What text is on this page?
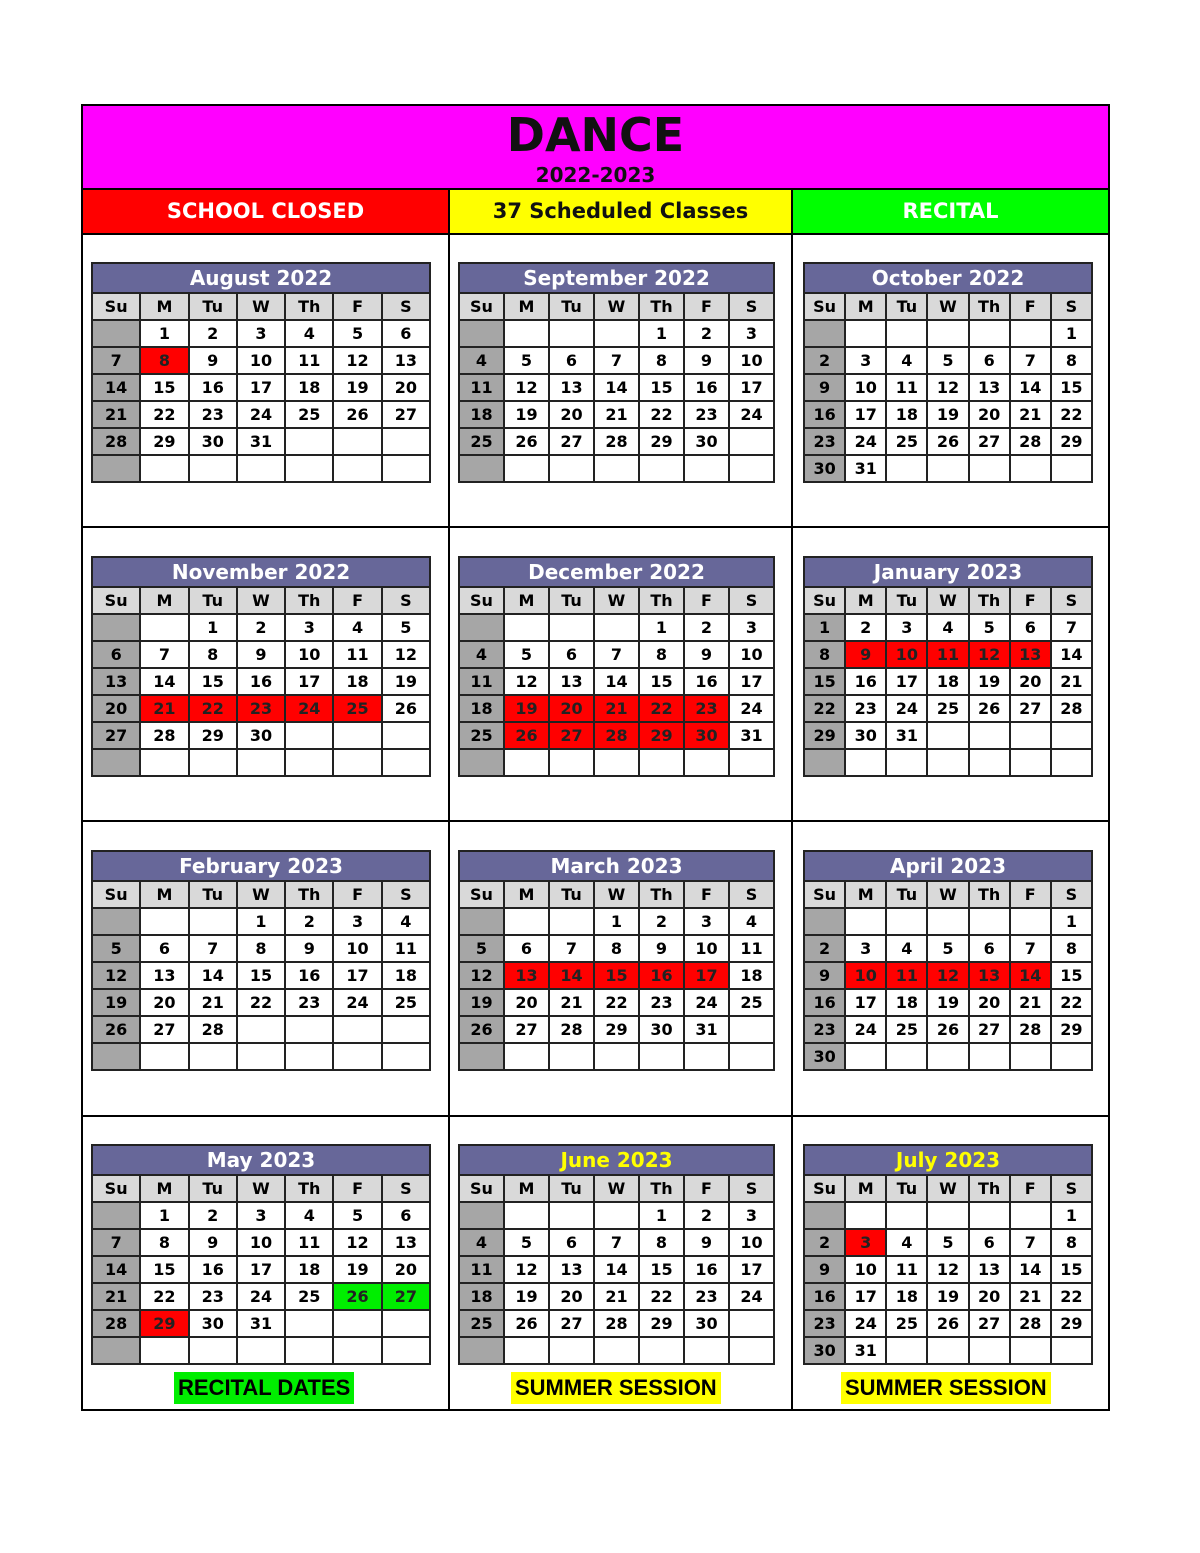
DANCE
2022-2023
SCHOOL CLOSED	37 Scheduled Classes	RECITAL
August 2022
Su	M	Tu	W	Th	F	S
	1	2	3	4	5	6
7	8	9	10	11	12	13
14	15	16	17	18	19	20
21	22	23	24	25	26	27
28	29	30	31			

September 2022
Su	M	Tu	W	Th	F	S
				1	2	3
4	5	6	7	8	9	10
11	12	13	14	15	16	17
18	19	20	21	22	23	24
25	26	27	28	29	30	

October 2022
Su	M	Tu	W	Th	F	S
						1
2	3	4	5	6	7	8
9	10	11	12	13	14	15
16	17	18	19	20	21	22
23	24	25	26	27	28	29
30	31					
November 2022
Su	M	Tu	W	Th	F	S
		1	2	3	4	5
6	7	8	9	10	11	12
13	14	15	16	17	18	19
20	21	22	23	24	25	26
27	28	29	30			

December 2022
Su	M	Tu	W	Th	F	S
				1	2	3
4	5	6	7	8	9	10
11	12	13	14	15	16	17
18	19	20	21	22	23	24
25	26	27	28	29	30	31

January 2023
Su	M	Tu	W	Th	F	S
1	2	3	4	5	6	7
8	9	10	11	12	13	14
15	16	17	18	19	20	21
22	23	24	25	26	27	28
29	30	31				

February 2023
Su	M	Tu	W	Th	F	S
			1	2	3	4
5	6	7	8	9	10	11
12	13	14	15	16	17	18
19	20	21	22	23	24	25
26	27	28				

March 2023
Su	M	Tu	W	Th	F	S
			1	2	3	4
5	6	7	8	9	10	11
12	13	14	15	16	17	18
19	20	21	22	23	24	25
26	27	28	29	30	31	

April 2023
Su	M	Tu	W	Th	F	S
						1
2	3	4	5	6	7	8
9	10	11	12	13	14	15
16	17	18	19	20	21	22
23	24	25	26	27	28	29
30						
May 2023
Su	M	Tu	W	Th	F	S
	1	2	3	4	5	6
7	8	9	10	11	12	13
14	15	16	17	18	19	20
21	22	23	24	25	26	27
28	29	30	31			

June 2023
Su	M	Tu	W	Th	F	S
				1	2	3
4	5	6	7	8	9	10
11	12	13	14	15	16	17
18	19	20	21	22	23	24
25	26	27	28	29	30	

July 2023
Su	M	Tu	W	Th	F	S
						1
2	3	4	5	6	7	8
9	10	11	12	13	14	15
16	17	18	19	20	21	22
23	24	25	26	27	28	29
30	31					
RECITAL DATES	SUMMER SESSION	SUMMER SESSION
